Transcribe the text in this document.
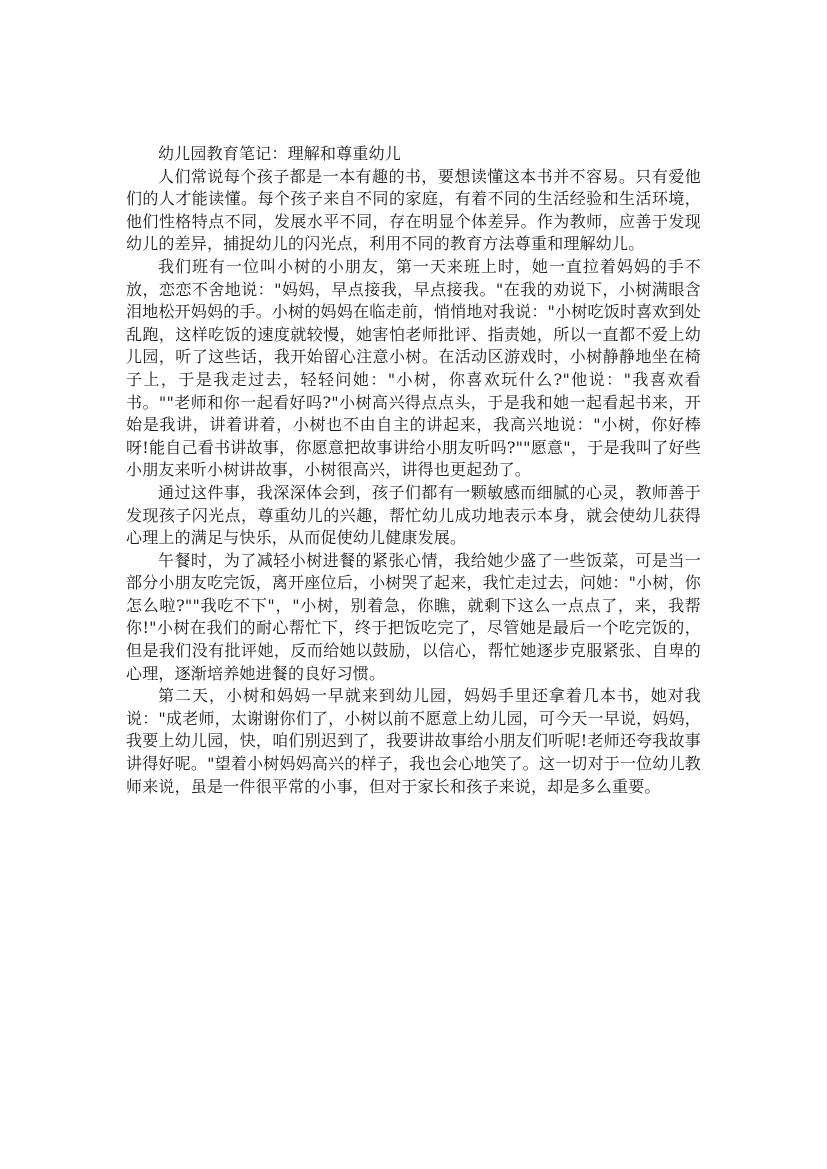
幼儿园教育笔记：理解和尊重幼儿

人们常说每个孩子都是一本有趣的书，要想读懂这本书并不容易。只有爱他们的人才能读懂。每个孩子来自不同的家庭，有着不同的生活经验和生活环境，他们性格特点不同，发展水平不同，存在明显个体差异。作为教师，应善于发现幼儿的差异，捕捉幼儿的闪光点，利用不同的教育方法尊重和理解幼儿。

我们班有一位叫小树的小朋友，第一天来班上时，她一直拉着妈妈的手不放，恋恋不舍地说："妈妈，早点接我，早点接我。"在我的劝说下，小树满眼含泪地松开妈妈的手。小树的妈妈在临走前，悄悄地对我说："小树吃饭时喜欢到处乱跑，这样吃饭的速度就较慢，她害怕老师批评、指责她，所以一直都不爱上幼儿园，听了这些话，我开始留心注意小树。在活动区游戏时，小树静静地坐在椅子上，于是我走过去，轻轻问她："小树，你喜欢玩什么?"他说："我喜欢看书。""老师和你一起看好吗?"小树高兴得点点头，于是我和她一起看起书来，开始是我讲，讲着讲着，小树也不由自主的讲起来，我高兴地说："小树，你好棒呀!能自己看书讲故事，你愿意把故事讲给小朋友听吗?""愿意"，于是我叫了好些小朋友来听小树讲故事，小树很高兴，讲得也更起劲了。

通过这件事，我深深体会到，孩子们都有一颗敏感而细腻的心灵，教师善于发现孩子闪光点，尊重幼儿的兴趣，帮忙幼儿成功地表示本身，就会使幼儿获得心理上的满足与快乐，从而促使幼儿健康发展。

午餐时，为了减轻小树进餐的紧张心情，我给她少盛了一些饭菜，可是当一部分小朋友吃完饭，离开座位后，小树哭了起来，我忙走过去，问她："小树，你怎么啦?""我吃不下"，"小树，别着急，你瞧，就剩下这么一点点了，来，我帮你!"小树在我们的耐心帮忙下，终于把饭吃完了，尽管她是最后一个吃完饭的，但是我们没有批评她，反而给她以鼓励，以信心，帮忙她逐步克服紧张、自卑的心理，逐渐培养她进餐的良好习惯。

第二天，小树和妈妈一早就来到幼儿园，妈妈手里还拿着几本书，她对我说："成老师，太谢谢你们了，小树以前不愿意上幼儿园，可今天一早说，妈妈，我要上幼儿园，快，咱们别迟到了，我要讲故事给小朋友们听呢!老师还夸我故事讲得好呢。"望着小树妈妈高兴的样子，我也会心地笑了。这一切对于一位幼儿教师来说，虽是一件很平常的小事，但对于家长和孩子来说，却是多么重要。
